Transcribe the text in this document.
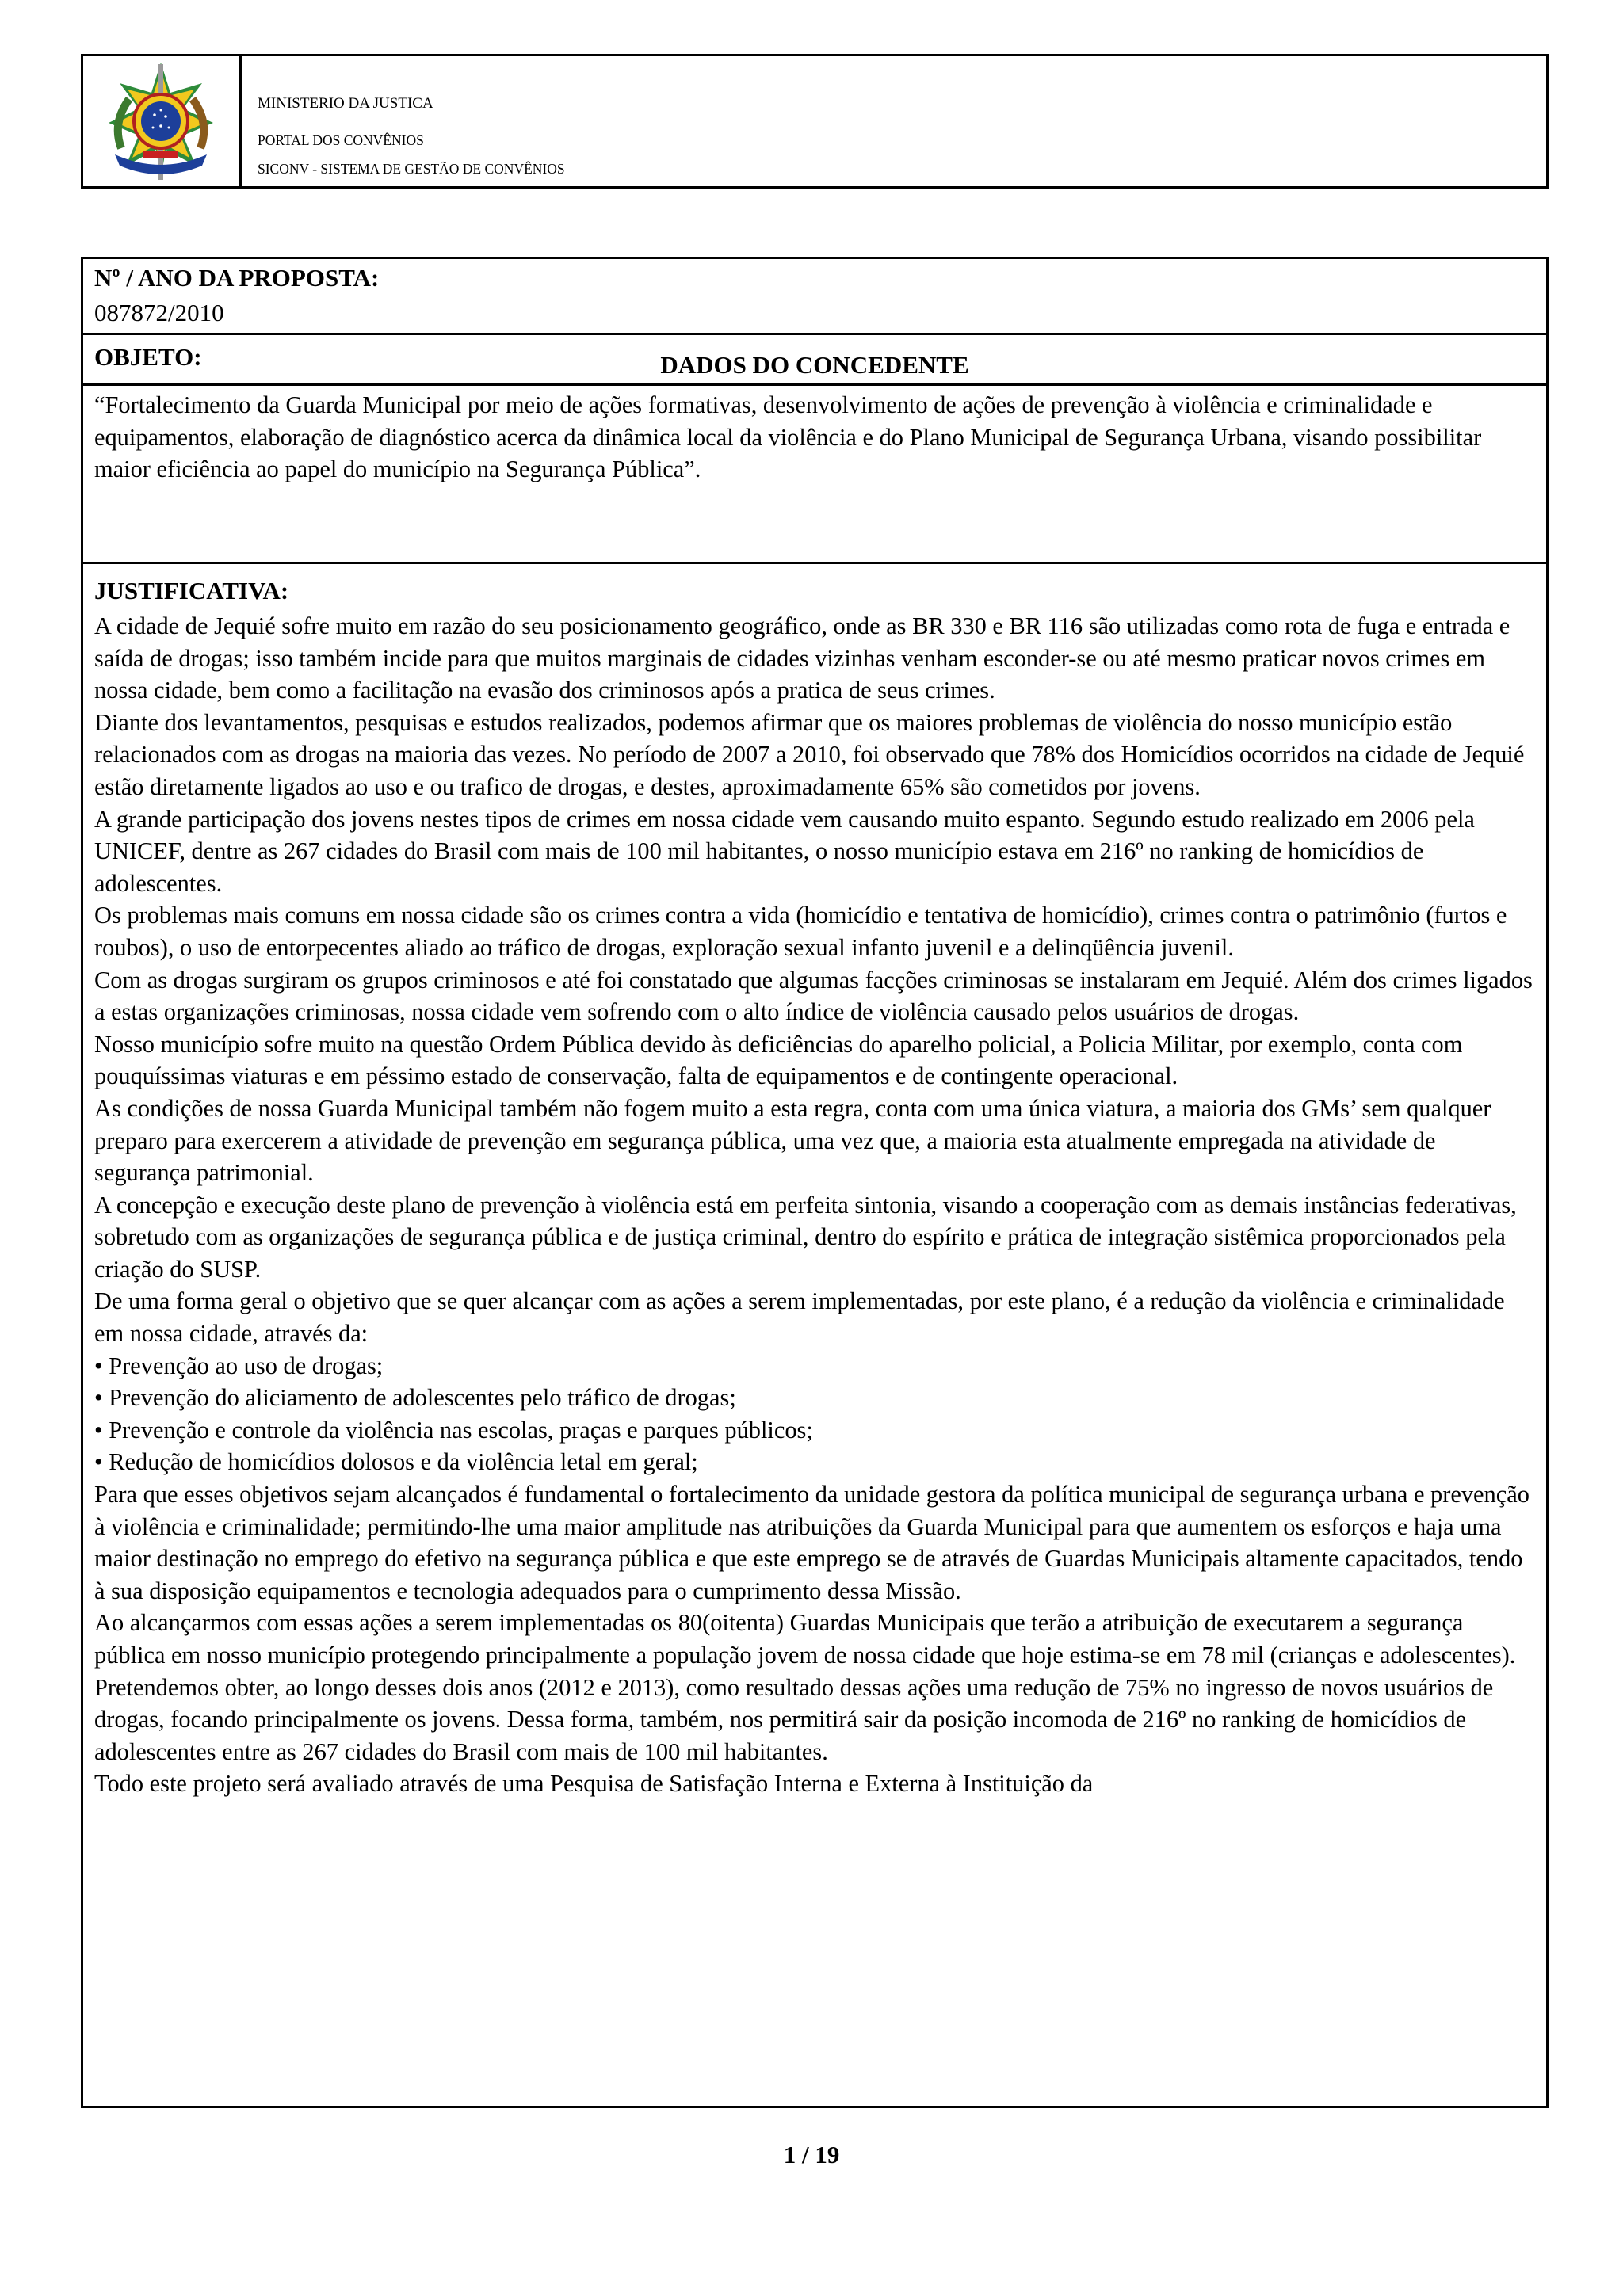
MINISTERIO DA JUSTICA
PORTAL DOS CONVÊNIOS
SICONV - SISTEMA DE GESTÃO DE CONVÊNIOS
Nº / ANO DA PROPOSTA:
087872/2010
DADOS DO CONCEDENTE
OBJETO:
“Fortalecimento da Guarda Municipal por meio de ações formativas, desenvolvimento de ações de prevenção à violência e criminalidade e equipamentos, elaboração de diagnóstico acerca da dinâmica local da violência e do Plano Municipal de Segurança Urbana, visando possibilitar maior eficiência ao papel do município na Segurança Pública”.
JUSTIFICATIVA:

A cidade de Jequié sofre muito em razão do seu posicionamento geográfico, onde as BR 330 e BR 116 são utilizadas como rota de fuga e entrada e saída de drogas; isso também incide para que muitos marginais de cidades vizinhas venham esconder-se ou até mesmo praticar novos crimes em nossa cidade, bem como a facilitação na evasão dos criminosos após a pratica de seus crimes.

Diante dos levantamentos, pesquisas e estudos realizados, podemos afirmar que os maiores problemas de violência do nosso município estão relacionados com as drogas na maioria das vezes. No período de 2007 a 2010, foi observado que 78% dos Homicídios ocorridos na cidade de Jequié estão diretamente ligados ao uso e ou trafico de drogas, e destes, aproximadamente 65% são cometidos por jovens.

A grande participação dos jovens nestes tipos de crimes em nossa cidade vem causando muito espanto. Segundo estudo realizado em 2006 pela UNICEF, dentre as 267 cidades do Brasil com mais de 100 mil habitantes, o nosso município estava em 216º no ranking de homicídios de adolescentes.

Os problemas mais comuns em nossa cidade são os crimes contra a vida (homicídio e tentativa de homicídio), crimes contra o patrimônio (furtos e roubos), o uso de entorpecentes aliado ao tráfico de drogas, exploração sexual infanto juvenil e a delinqüência juvenil.

Com as drogas surgiram os grupos criminosos e até foi constatado que algumas facções criminosas se instalaram em Jequié. Além dos crimes ligados a estas organizações criminosas, nossa cidade vem sofrendo com o alto índice de violência causado pelos usuários de drogas.

Nosso município sofre muito na questão Ordem Pública devido às deficiências do aparelho policial, a Policia Militar, por exemplo, conta com pouquíssimas viaturas e em péssimo estado de conservação, falta de equipamentos e de contingente operacional.

As condições de nossa Guarda Municipal também não fogem muito a esta regra, conta com uma única viatura, a maioria dos GMs’ sem qualquer preparo para exercerem a atividade de prevenção em segurança pública, uma vez que, a maioria esta atualmente empregada na atividade de segurança patrimonial.

A concepção e execução deste plano de prevenção à violência está em perfeita sintonia, visando a cooperação com as demais instâncias federativas, sobretudo com as organizações de segurança pública e de justiça criminal, dentro do espírito e prática de integração sistêmica proporcionados pela criação do SUSP.

De uma forma geral o objetivo que se quer alcançar com as ações a serem implementadas, por este plano, é a redução da violência e criminalidade em nossa cidade, através da:

• Prevenção ao uso de drogas;

• Prevenção do aliciamento de adolescentes pelo tráfico de drogas;

• Prevenção e controle da violência nas escolas, praças e parques públicos;

• Redução de homicídios dolosos e da violência letal em geral;

Para que esses objetivos sejam alcançados é fundamental o fortalecimento da unidade gestora da política municipal de segurança urbana e prevenção à violência e criminalidade; permitindo-lhe uma maior amplitude nas atribuições da Guarda Municipal para que aumentem os esforços e haja uma maior destinação no emprego do efetivo na segurança pública e que este emprego se de através de Guardas Municipais altamente capacitados, tendo à sua disposição equipamentos e tecnologia adequados para o cumprimento dessa Missão.

Ao alcançarmos com essas ações a serem implementadas os 80(oitenta) Guardas Municipais que terão a atribuição de executarem a segurança pública em nosso município protegendo principalmente a população jovem de nossa cidade que hoje estima-se em 78 mil (crianças e adolescentes). Pretendemos obter, ao longo desses dois anos (2012 e 2013), como resultado dessas ações uma redução de 75% no ingresso de novos usuários de drogas, focando principalmente os jovens. Dessa forma, também, nos permitirá sair da posição incomoda de 216º no ranking de homicídios de adolescentes entre as 267 cidades do Brasil com mais de 100 mil habitantes.

Todo este projeto será avaliado através de uma Pesquisa de Satisfação Interna e Externa à Instituição da

1 / 19
